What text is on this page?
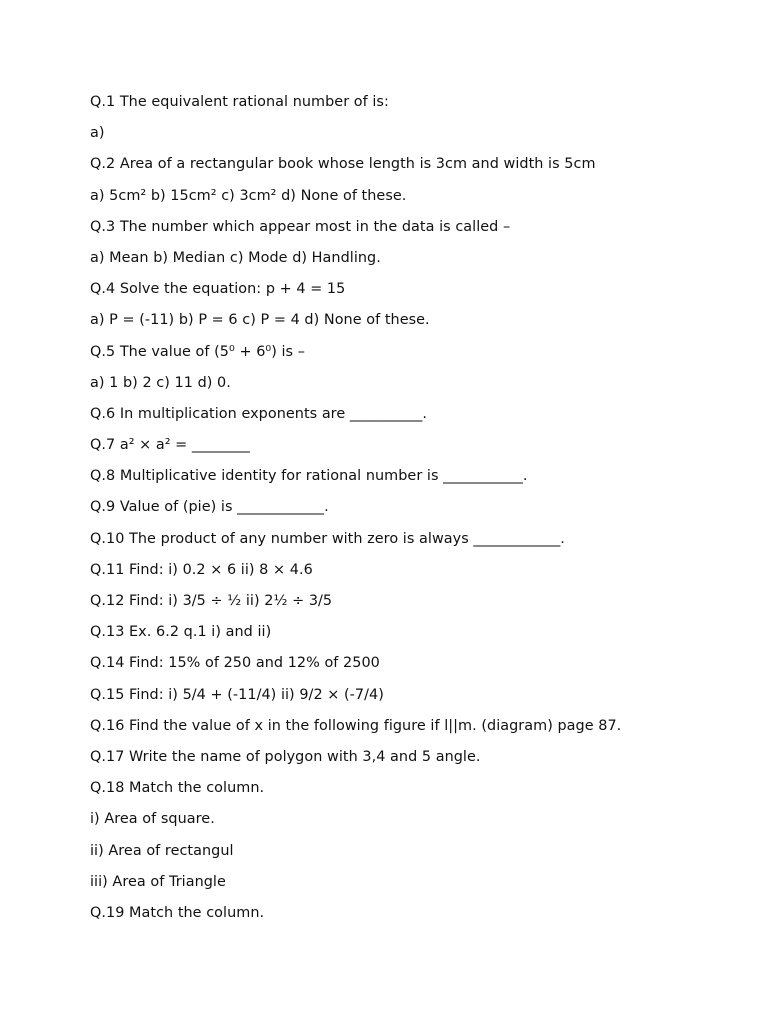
Q.1 The equivalent rational number of is:
a)
Q.2 Area of a rectangular book whose length is 3cm and width is 5cm
a) 5cm² b) 15cm² c) 3cm² d) None of these.
Q.3 The number which appear most in the data is called –
a) Mean b) Median c) Mode d) Handling.
Q.4 Solve the equation: p + 4 = 15
a) P = (-11) b) P = 6 c) P = 4 d) None of these.
Q.5 The value of (5⁰ + 6⁰) is –
a) 1 b) 2 c) 11 d) 0.
Q.6 In multiplication exponents are __________.
Q.7 a² × a² = ________
Q.8 Multiplicative identity for rational number is ___________.
Q.9 Value of (pie) is ____________.
Q.10 The product of any number with zero is always ____________.
Q.11 Find: i) 0.2 × 6 ii) 8 × 4.6
Q.12 Find: i) 3/5 ÷ ½ ii) 2½ ÷ 3/5
Q.13 Ex. 6.2 q.1 i) and ii)
Q.14 Find: 15% of 250 and 12% of 2500
Q.15 Find: i) 5/4 + (-11/4) ii) 9/2 × (-7/4)
Q.16 Find the value of x in the following figure if l||m. (diagram) page 87.
Q.17 Write the name of polygon with 3,4 and 5 angle.
Q.18 Match the column.
i) Area of square.
ii) Area of rectangul
iii) Area of Triangle
Q.19 Match the column.
